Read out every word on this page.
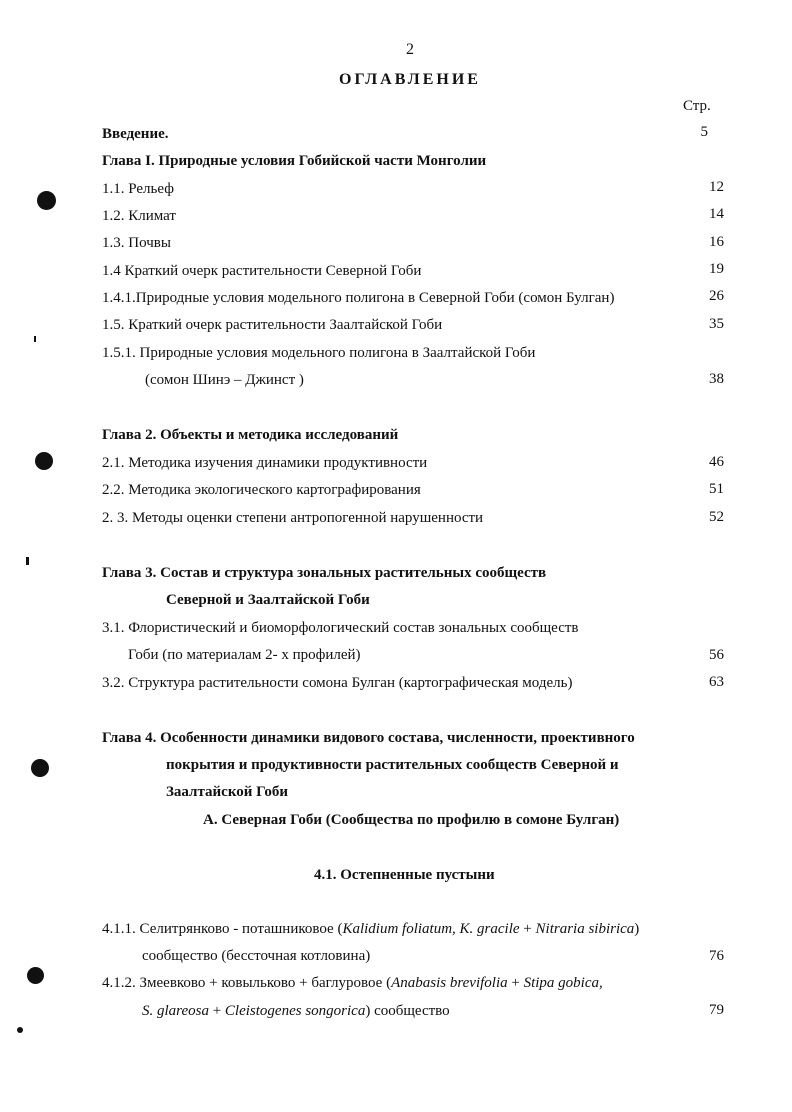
2
ОГЛАВЛЕНИЕ
Стр.
Введение.	5
Глава I. Природные условия Гобийской части Монголии
1.1. Рельеф	12
1.2. Климат	14
1.3. Почвы	16
1.4 Краткий очерк растительности Северной Гоби	19
1.4.1.Природные условия модельного полигона в Северной Гоби (сомон Булган)	26
1.5. Краткий очерк растительности Заалтайской Гоби	35
1.5.1. Природные условия модельного полигона в Заалтайской Гоби
(сомон Шинэ – Джинст )	38
Глава 2. Объекты и методика исследований
2.1. Методика изучения динамики продуктивности	46
2.2. Методика экологического картографирования	51
2. 3. Методы оценки степени антропогенной нарушенности	52
Глава 3. Состав и структура зональных растительных сообществ
Северной и Заалтайской Гоби
3.1. Флористический и биоморфологический состав зональных сообществ
Гоби (по материалам 2- х профилей)	56
3.2. Структура растительности сомона Булган (картографическая модель)	63
Глава 4. Особенности динамики видового состава, численности, проективного
покрытия и продуктивности растительных сообществ Северной и
Заалтайской Гоби
А. Северная Гоби (Сообщества по профилю в сомоне Булган)
4.1. Остепненные пустыни
4.1.1. Селитрянково - поташниковое (Kalidium foliatum, K. gracile + Nitraria sibirica)
сообщество (бессточная котловина)	76
4.1.2. Змеевково + ковыльково + баглуровое (Anabasis brevifolia + Stipa gobica,
S. glareosa + Cleistogenes songorica) сообщество	79
